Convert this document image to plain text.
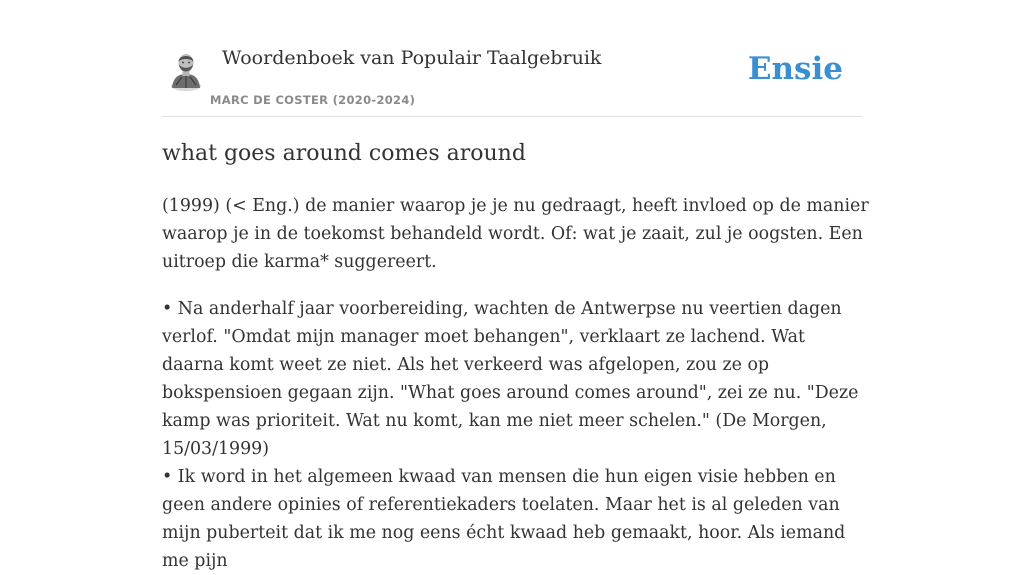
Woordenboek van Populair Taalgebruik
MARC DE COSTER (2020-2024)
Ensie
what goes around comes around

(1999) (< Eng.) de manier waarop je je nu gedraagt, heeft invloed op de manier waarop je in de toekomst behandeld wordt. Of: wat je zaait, zul je oogsten. Een uitroep die karma* suggereert.

• Na anderhalf jaar voorbereiding, wachten de Antwerpse nu veertien dagen verlof. "Omdat mijn manager moet behangen", verklaart ze lachend. Wat daarna komt weet ze niet. Als het verkeerd was afgelopen, zou ze op bokspensioen gegaan zijn. "What goes around comes around", zei ze nu. "Deze kamp was prioriteit. Wat nu komt, kan me niet meer schelen." (De Morgen, 15/03/1999)

• Ik word in het algemeen kwaad van mensen die hun eigen visie hebben en geen andere opinies of referentiekaders toelaten. Maar het is al geleden van mijn puberteit dat ik me nog eens écht kwaad heb gemaakt, hoor. Als iemand me pijn
